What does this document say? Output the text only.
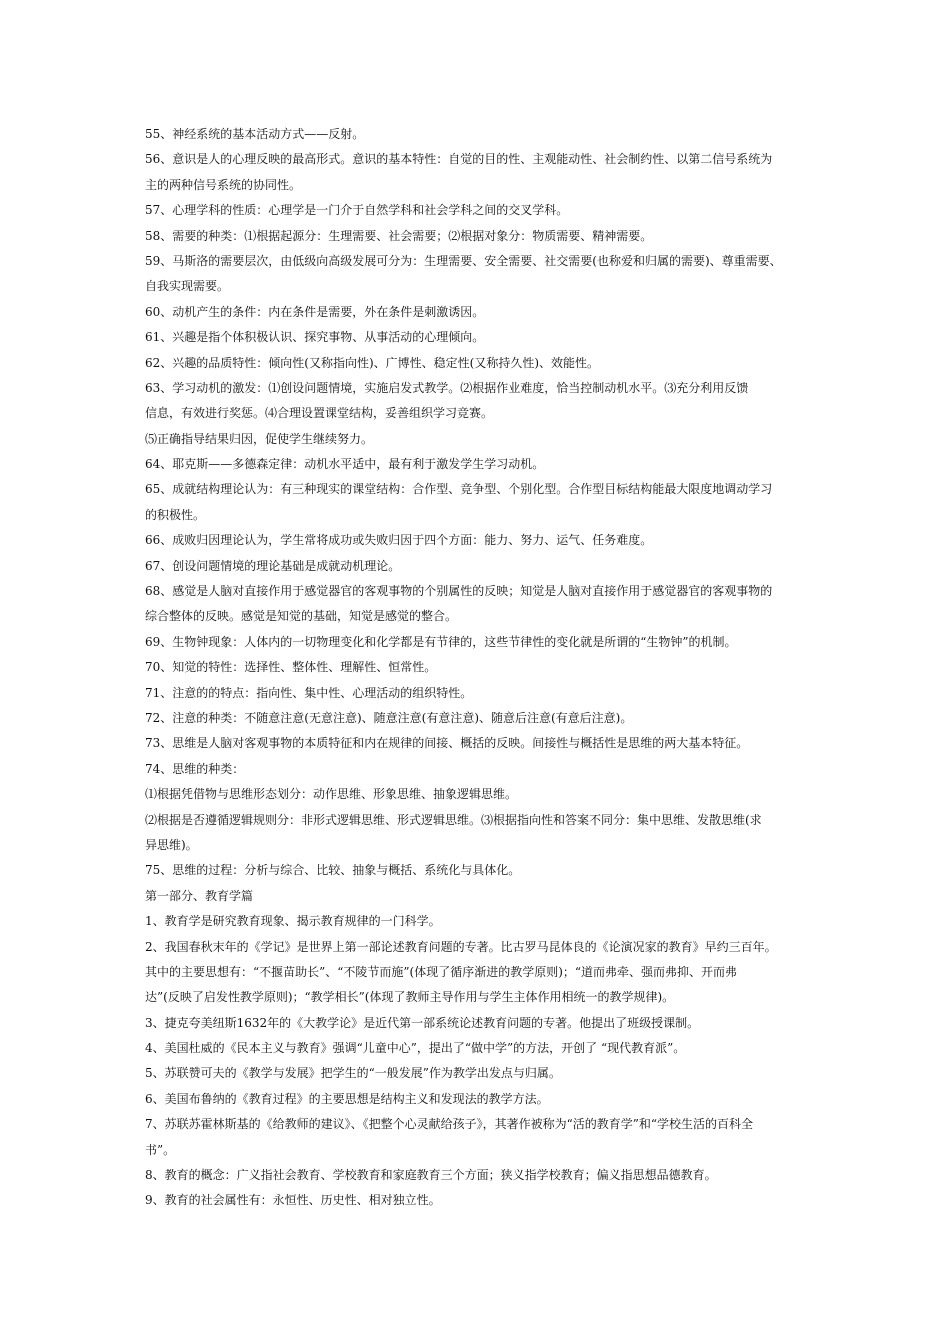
55、神经系统的基本活动方式——反射。
56、意识是人的心理反映的最高形式。意识的基本特性：自觉的目的性、主观能动性、社会制约性、以第二信号系统为
主的两种信号系统的协同性。
57、心理学科的性质：心理学是一门介于自然学科和社会学科之间的交叉学科。
58、需要的种类：⑴根据起源分：生理需要、社会需要；⑵根据对象分：物质需要、精神需要。
59、马斯洛的需要层次，由低级向高级发展可分为：生理需要、安全需要、社交需要(也称爱和归属的需要)、尊重需要、
自我实现需要。
60、动机产生的条件：内在条件是需要，外在条件是刺激诱因。
61、兴趣是指个体积极认识、探究事物、从事活动的心理倾向。
62、兴趣的品质特性：倾向性(又称指向性)、广博性、稳定性(又称持久性)、效能性。
63、学习动机的激发：⑴创设问题情境，实施启发式教学。⑵根据作业难度，恰当控制动机水平。⑶充分利用反馈
信息，有效进行奖惩。⑷合理设置课堂结构，妥善组织学习竞赛。
⑸正确指导结果归因，促使学生继续努力。
64、耶克斯——多德森定律：动机水平适中，最有利于激发学生学习动机。
65、成就结构理论认为：有三种现实的课堂结构：合作型、竞争型、个别化型。合作型目标结构能最大限度地调动学习
的积极性。
66、成败归因理论认为，学生常将成功或失败归因于四个方面：能力、努力、运气、任务难度。
67、创设问题情境的理论基础是成就动机理论。
68、感觉是人脑对直接作用于感觉器官的客观事物的个别属性的反映；知觉是人脑对直接作用于感觉器官的客观事物的
综合整体的反映。感觉是知觉的基础，知觉是感觉的整合。
69、生物钟现象：人体内的一切物理变化和化学都是有节律的，这些节律性的变化就是所谓的“生物钟”的机制。
70、知觉的特性：选择性、整体性、理解性、恒常性。
71、注意的的特点：指向性、集中性、心理活动的组织特性。
72、注意的种类：不随意注意(无意注意)、随意注意(有意注意)、随意后注意(有意后注意)。
73、思维是人脑对客观事物的本质特征和内在规律的间接、概括的反映。间接性与概括性是思维的两大基本特征。
74、思维的种类：
⑴根据凭借物与思维形态划分：动作思维、形象思维、抽象逻辑思维。
⑵根据是否遵循逻辑规则分：非形式逻辑思维、形式逻辑思维。⑶根据指向性和答案不同分：集中思维、发散思维(求
异思维)。
75、思维的过程：分析与综合、比较、抽象与概括、系统化与具体化。
第一部分、教育学篇
1、教育学是研究教育现象、揭示教育规律的一门科学。
2、我国春秋末年的《学记》是世界上第一部论述教育问题的专著。比古罗马昆体良的《论演况家的教育》早约三百年。
其中的主要思想有：“不揠苗助长”、“不陵节而施”(体现了循序渐进的教学原则)；“道而弗牵、强而弗抑、开而弗
达”(反映了启发性教学原则)；“教学相长”(体现了教师主导作用与学生主体作用相统一的教学规律)。
3、捷克夸美纽斯1632年的《大教学论》是近代第一部系统论述教育问题的专著。他提出了班级授课制。
4、美国杜威的《民本主义与教育》强调“儿童中心”，提出了“做中学”的方法，开创了 “现代教育派”。
5、苏联赞可夫的《教学与发展》把学生的“一般发展”作为教学出发点与归属。
6、美国布鲁纳的《教育过程》的主要思想是结构主义和发现法的教学方法。
7、苏联苏霍林斯基的《给教师的建议》、《把整个心灵献给孩子》，其著作被称为“活的教育学”和“学校生活的百科全
书”。
8、教育的概念：广义指社会教育、学校教育和家庭教育三个方面；狭义指学校教育；偏义指思想品德教育。
9、教育的社会属性有：永恒性、历史性、相对独立性。
